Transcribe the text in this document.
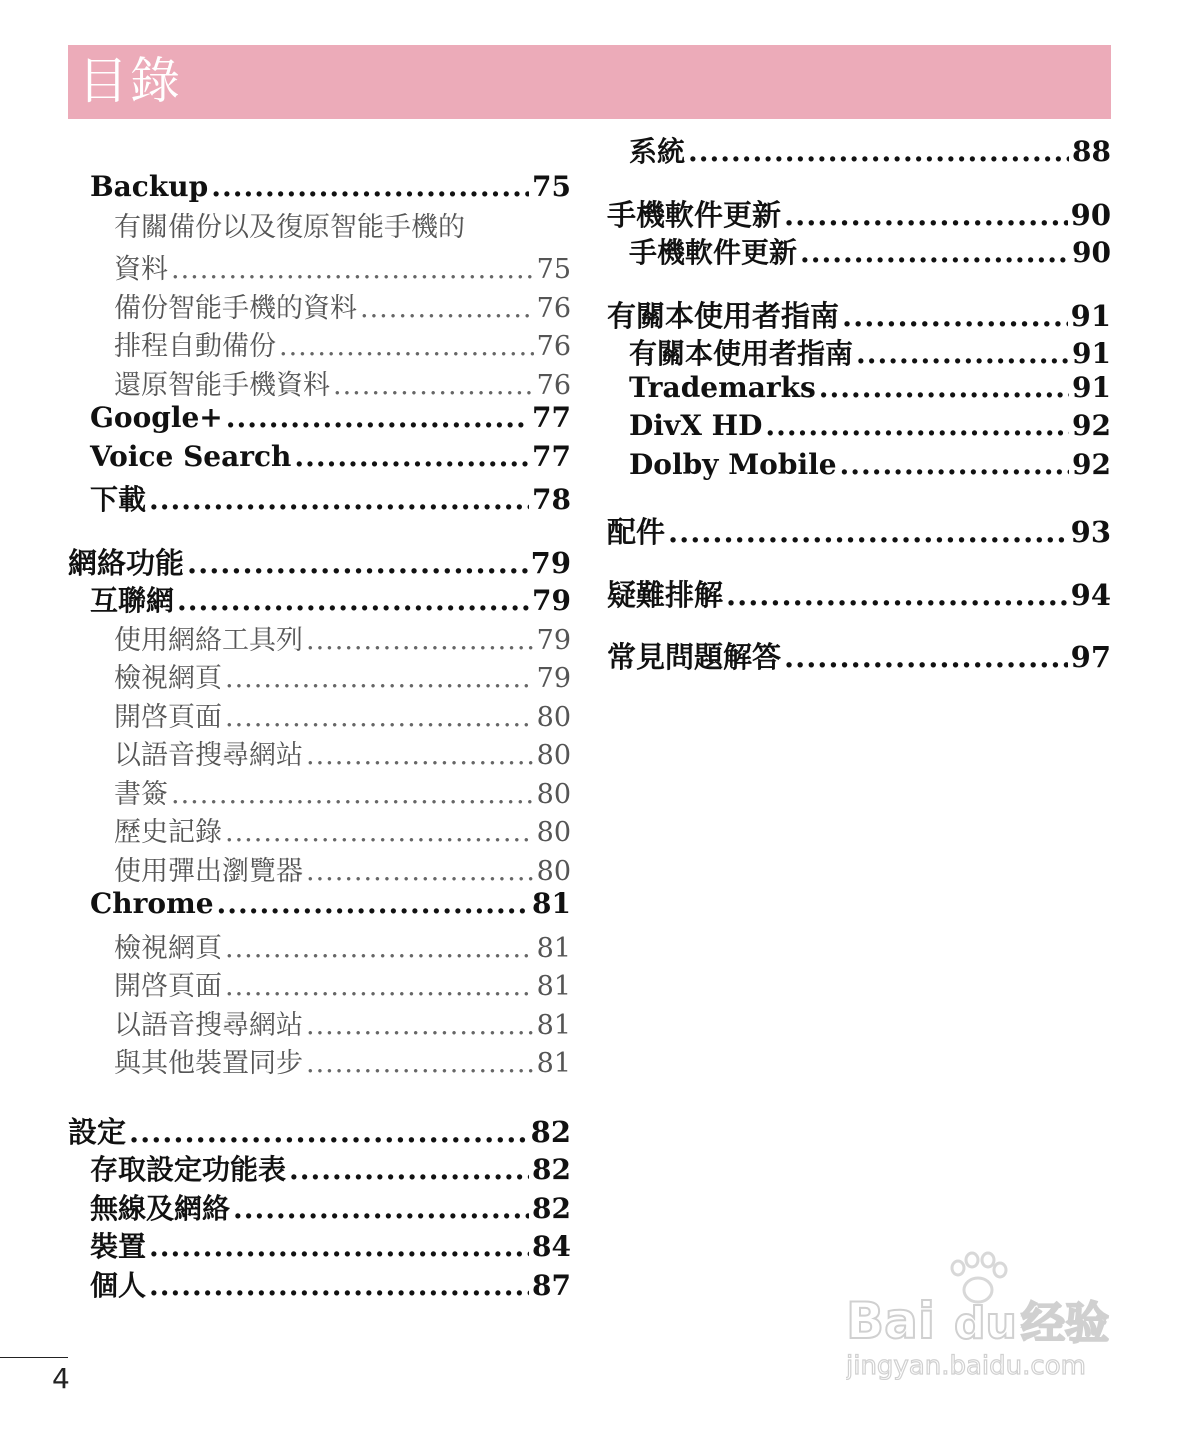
目錄
Backup .....	75
有關備份以及復原智能手機的
資料 .....	75
備份智能手機的資料 .....	76
排程自動備份 .....	76
還原智能手機資料 .....	76
Google+ .....	77
Voice Search .....	77
下載 .....	78
網絡功能 .....	79
互聯網 .....	79
使用網絡工具列 .....	79
檢視網頁 .....	79
開啓頁面 .....	80
以語音搜尋網站 .....	80
書簽 .....	80
歷史記錄 .....	80
使用彈出瀏覽器 .....	80
Chrome .....	81
檢視網頁 .....	81
開啓頁面 .....	81
以語音搜尋網站 .....	81
與其他裝置同步 .....	81
設定 .....	82
存取設定功能表 .....	82
無線及網絡 .....	82
裝置 .....	84
個人 .....	87
系統 .....	88
手機軟件更新 .....	90
手機軟件更新 .....	90
有關本使用者指南 .....	91
有關本使用者指南 .....	91
Trademarks .....	91
DivX HD .....	92
Dolby Mobile .....	92
配件 .....	93
疑難排解 .....	94
常見問題解答 .....	97
4
Bai du 经验
jingyan.baidu.com
